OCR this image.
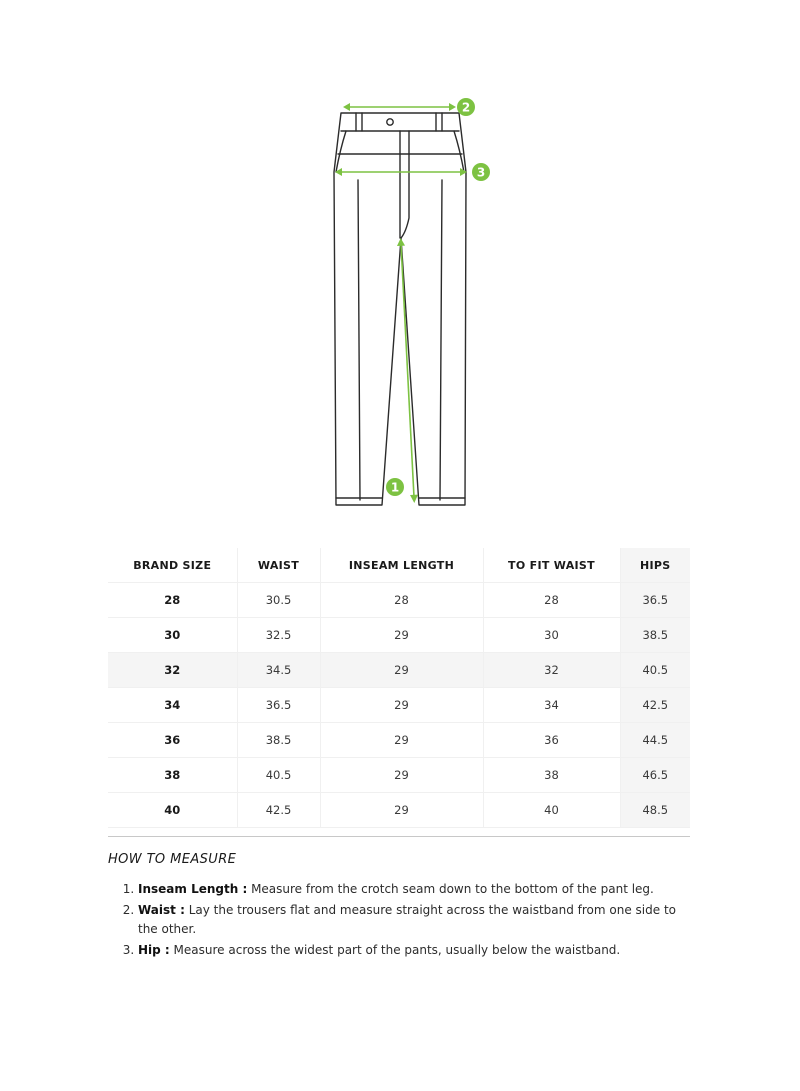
2
3
1
BRAND SIZE	WAIST	INSEAM LENGTH	TO FIT WAIST	HIPS
28	30.5	28	28	36.5
30	32.5	29	30	38.5
32	34.5	29	32	40.5
34	36.5	29	34	42.5
36	38.5	29	36	44.5
38	40.5	29	38	46.5
40	42.5	29	40	48.5
HOW TO MEASURE
1. Inseam Length : Measure from the crotch seam down to the bottom of the pant leg.
2. Waist : Lay the trousers flat and measure straight across the waistband from one side to the other.
3. Hip : Measure across the widest part of the pants, usually below the waistband.
